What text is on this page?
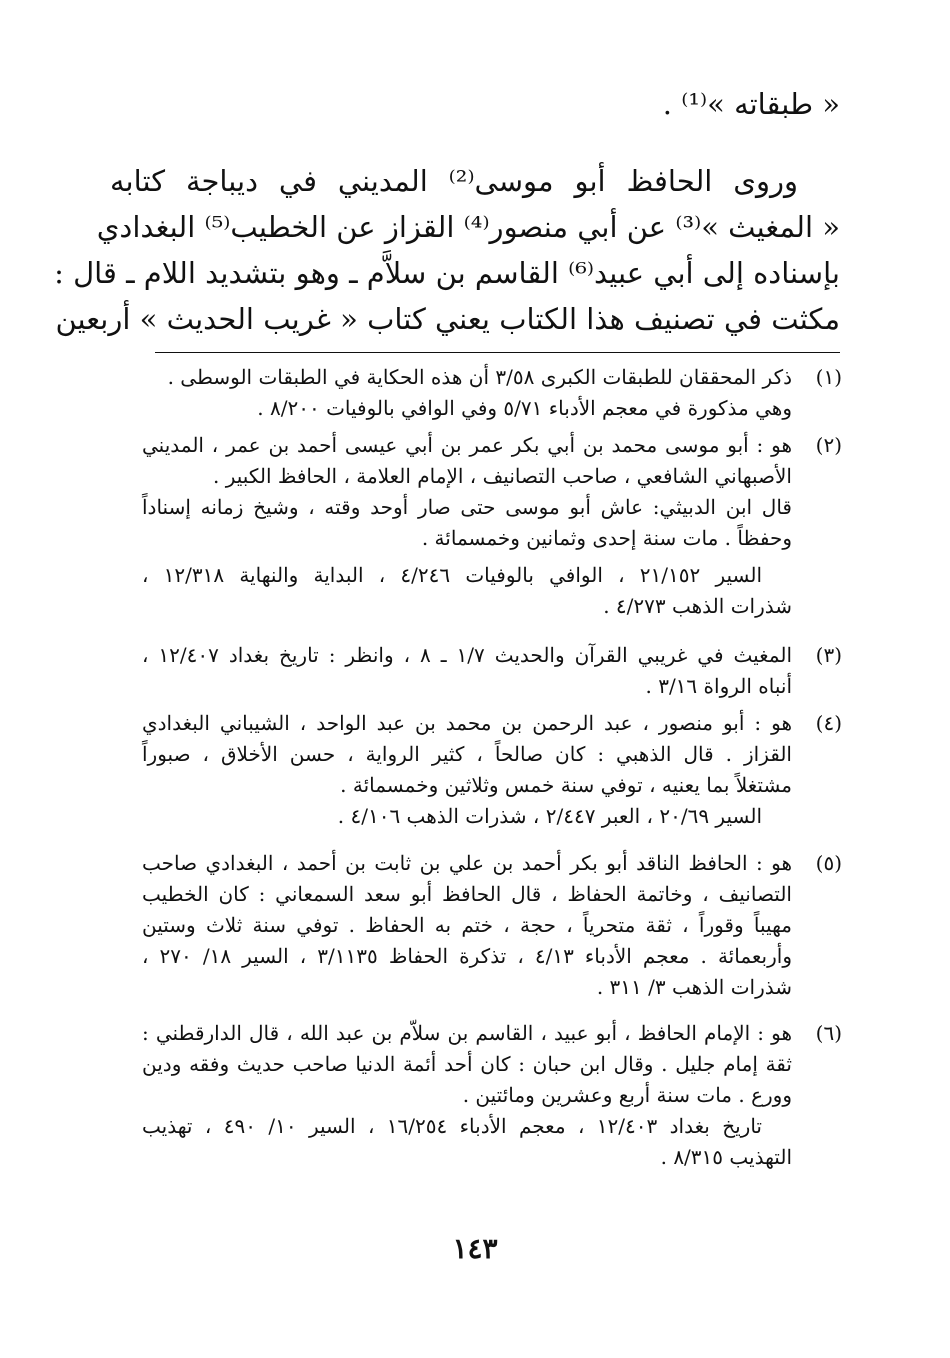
« طبقاته »⁽¹⁾ .
وروى الحافظ أبو موسى⁽²⁾ المديني في ديباجة كتابه
« المغيث »⁽³⁾ عن أبي منصور⁽⁴⁾ القزاز عن الخطيب⁽⁵⁾ البغدادي
بإسناده إلى أبي عبيد⁽⁶⁾ القاسم بن سلاَّم ـ وهو بتشديد اللام ـ قال :
مكثت في تصنيف هذا الكتاب يعني كتاب « غريب الحديث » أربعين
(١)
ذكر المحققان للطبقات الكبرى ٣/٥٨ أن هذه الحكاية في الطبقات الوسطى .
وهي مذكورة في معجم الأدباء ٥/٧١ وفي الوافي بالوفيات ٨/٢٠٠ .
(٢)
هو : أبو موسى محمد بن أبي بكر عمر بن أبي عيسى أحمد بن عمر ، المديني
الأصبهاني الشافعي ، صاحب التصانيف ، الإمام العلامة ، الحافظ الكبير .
قال ابن الدبيثي: عاش أبو موسى حتى صار أوحد وقته ، وشيخ زمانه إسناداً
وحفظاً . مات سنة إحدى وثمانين وخمسمائة .
السير ٢١/١٥٢ ، الوافي بالوفيات ٤/٢٤٦ ، البداية والنهاية ١٢/٣١٨ ،
شذرات الذهب ٤/٢٧٣ .
(٣)
المغيث في غريبي القرآن والحديث ١/٧ ـ ٨ ، وانظر : تاريخ بغداد ١٢/٤٠٧ ،
أنباه الرواة ٣/١٦ .
(٤)
هو : أبو منصور ، عبد الرحمن بن محمد بن عبد الواحد ، الشيباني البغدادي
القزاز . قال الذهبي : كان صالحاً ، كثير الرواية ، حسن الأخلاق ، صبوراً
مشتغلاً بما يعنيه ، توفي سنة خمس وثلاثين وخمسمائة .
السير ٢٠/٦٩ ، العبر ٢/٤٤٧ ، شذرات الذهب ٤/١٠٦ .
(٥)
هو : الحافظ الناقد أبو بكر أحمد بن علي بن ثابت بن أحمد ، البغدادي صاحب
التصانيف ، وخاتمة الحفاظ ، قال الحافظ أبو سعد السمعاني : كان الخطيب
مهيباً وقوراً ، ثقة متحرياً ، حجة ، ختم به الحفاظ . توفي سنة ثلاث وستين
وأربعمائة . معجم الأدباء ٤/١٣ ، تذكرة الحفاظ ٣/١١٣٥ ، السير ١٨/ ٢٧٠ ،
شذرات الذهب ٣/ ٣١١ .
(٦)
هو : الإمام الحافظ ، أبو عبيد ، القاسم بن سلاّم بن عبد الله ، قال الدارقطني :
ثقة إمام جليل . وقال ابن حبان : كان أحد أئمة الدنيا صاحب حديث وفقه ودين
وورع . مات سنة أربع وعشرين ومائتين .
تاريخ بغداد ١٢/٤٠٣ ، معجم الأدباء ١٦/٢٥٤ ، السير ١٠/ ٤٩٠ ، تهذيب
التهذيب ٨/٣١٥ .
١٤٣
